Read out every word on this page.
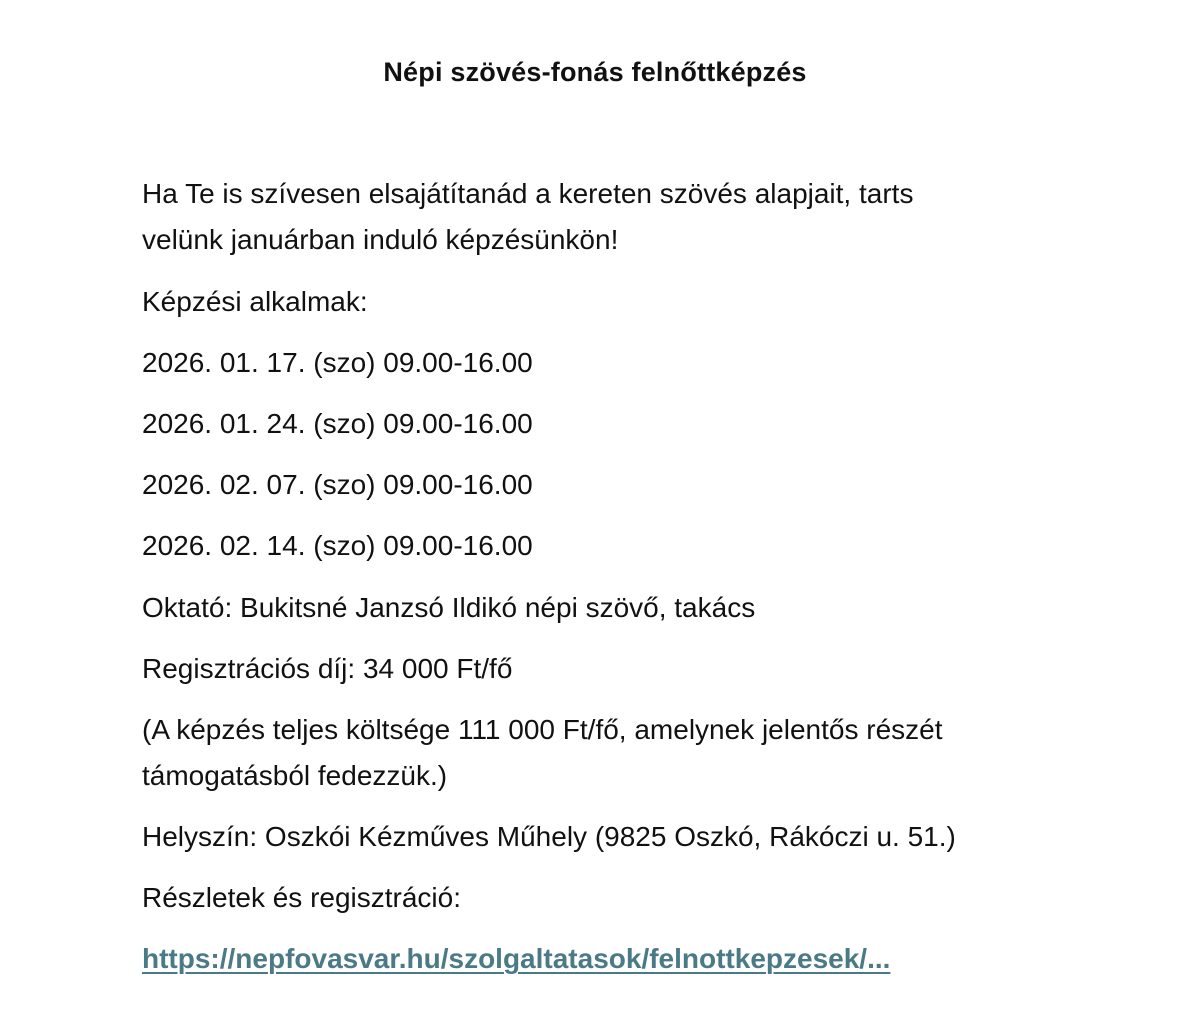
Népi szövés-fonás felnőttképzés
Ha Te is szívesen elsajátítanád a kereten szövés alapjait, tarts
velünk januárban induló képzésünkön!
Képzési alkalmak:
2026. 01. 17. (szo) 09.00-16.00
2026. 01. 24. (szo) 09.00-16.00
2026. 02. 07. (szo) 09.00-16.00
2026. 02. 14. (szo) 09.00-16.00
Oktató: Bukitsné Janzsó Ildikó népi szövő, takács
Regisztrációs díj: 34 000 Ft/fő
(A képzés teljes költsége 111 000 Ft/fő, amelynek jelentős részét
támogatásból fedezzük.)
Helyszín: Oszkói Kézműves Műhely (9825 Oszkó, Rákóczi u. 51.)
Részletek és regisztráció:
https://nepfovasvar.hu/szolgaltatasok/felnottkepzesek/...
